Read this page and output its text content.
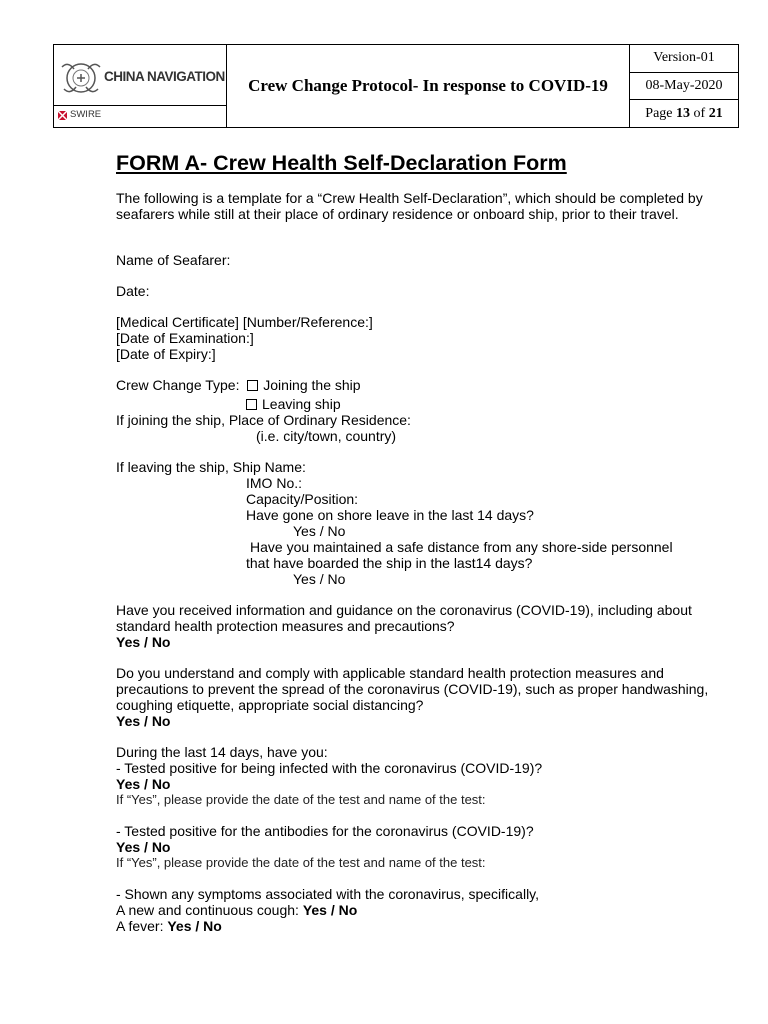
CHINA NAVIGATION
SWIRE
Crew Change Protocol- In response to COVID-19
Version-01
08-May-2020
Page
13
of
21
FORM A- Crew Health Self-Declaration Form

The following is a template for a “Crew Health Self-Declaration”, which should be completed by seafarers while still at their place of ordinary residence or onboard ship, prior to their travel.

Name of Seafarer:

Date:

[Medical Certificate] [Number/Reference:]

[Date of Examination:]

[Date of Expiry:]

Crew Change Type: Joining the ship

Leaving ship

If joining the ship, Place of Ordinary Residence:

(i.e. city/town, country)

If leaving the ship, Ship Name:

IMO No.:

Capacity/Position:

Have gone on shore leave in the last 14 days?

Yes / No

Have you maintained a safe distance from any shore-side personnel

that have boarded the ship in the last14 days?

Yes / No

Have you received information and guidance on the coronavirus (COVID-19), including about standard health protection measures and precautions?

Yes / No

Do you understand and comply with applicable standard health protection measures and precautions to prevent the spread of the coronavirus (COVID-19), such as proper handwashing, coughing etiquette, appropriate social distancing?

Yes / No

During the last 14 days, have you:

- Tested positive for being infected with the coronavirus (COVID-19)?

Yes / No

If “Yes”, please provide the date of the test and name of the test:

- Tested positive for the antibodies for the coronavirus (COVID-19)?

Yes / No

If “Yes”, please provide the date of the test and name of the test:

- Shown any symptoms associated with the coronavirus, specifically,

A new and continuous cough: Yes / No

A fever: Yes / No
